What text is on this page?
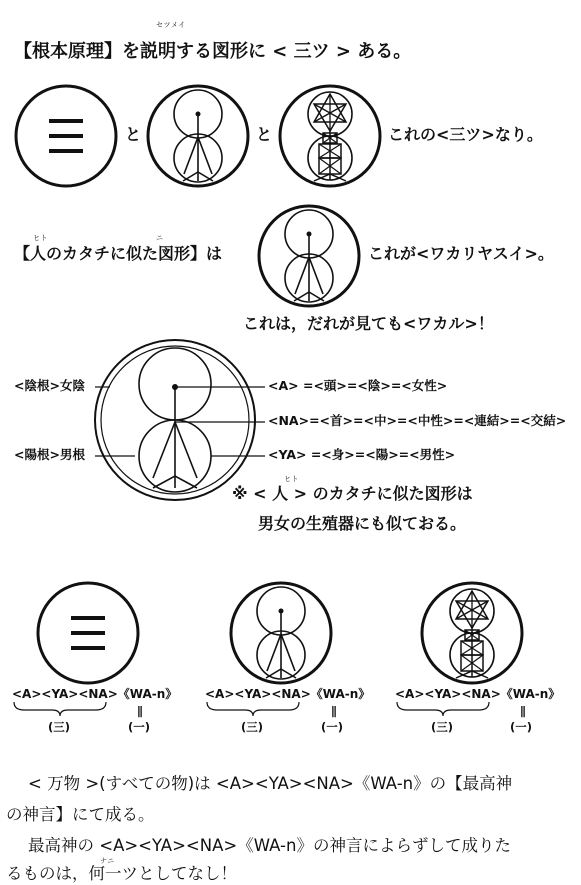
セツメイ
【根本原理】を説明する図形に < 三ツ > ある。
と	と	これの<三ツ>なり。
ヒト	ニ
【人のカタチに似た図形】は	これが<ワカリヤスイ>。
これは，だれが見ても<ワカル>！
<陰根>女陰
<陽根>男根
<A> =<頭>=<陰>=<女性>
<NA>=<首>=<中>=<中性>=<連結>=<交結>
<YA> =<身>=<陽>=<男性>
ヒト
※ < 人 > のカタチに似た図形は
男女の生殖器にも似ておる。
<A><YA><NA>《WA-n》
(三)
∥
(一)
<A><YA><NA>《WA-n》
(三)
∥
(一)
<A><YA><NA>《WA-n》
(三)
∥
(一)
< 万物 >(すべての物)は <A><YA><NA>《WA-n》の【最高神
の神言】にて成る。
最高神の <A><YA><NA>《WA-n》の神言によらずして成りた
ナニ
るものは，何一ツとしてなし！
